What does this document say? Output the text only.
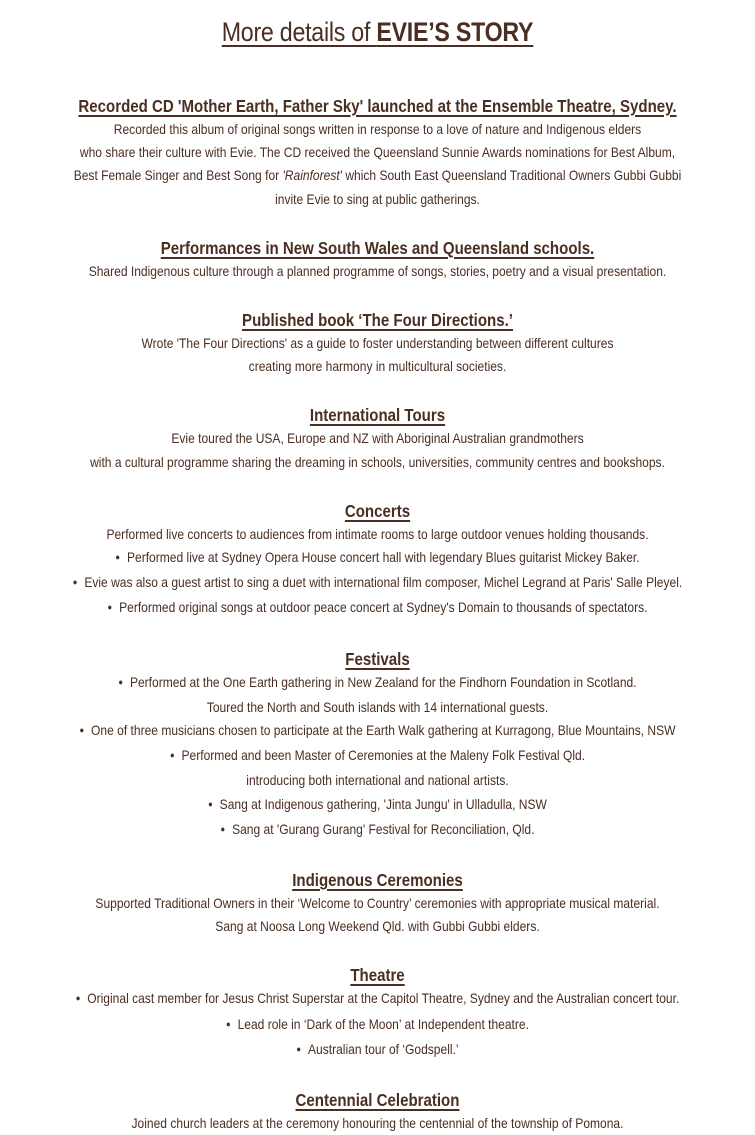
More details of EVIE’S STORY
Recorded CD 'Mother Earth, Father Sky' launched at the Ensemble Theatre, Sydney.
Recorded this album of original songs written in response to a love of nature and Indigenous elders
who share their culture with Evie. The CD received the Queensland Sunnie Awards nominations for Best Album,
Best Female Singer and Best Song for 'Rainforest' which South East Queensland Traditional Owners Gubbi Gubbi
invite Evie to sing at public gatherings.
Performances in New South Wales and Queensland schools.
Shared Indigenous culture through a planned programme of songs, stories, poetry and a visual presentation.
Published book ‘The Four Directions.’
Wrote 'The Four Directions' as a guide to foster understanding between different cultures
creating more harmony in multicultural societies.
International Tours
Evie toured the USA, Europe and NZ with Aboriginal Australian grandmothers
with a cultural programme sharing the dreaming in schools, universities, community centres and bookshops.
Concerts
Performed live concerts to audiences from intimate rooms to large outdoor venues holding thousands.
● Performed live at Sydney Opera House concert hall with legendary Blues guitarist Mickey Baker.
● Evie was also a guest artist to sing a duet with international film composer, Michel Legrand at Paris' Salle Pleyel.
● Performed original songs at outdoor peace concert at Sydney's Domain to thousands of spectators.
Festivals
● Performed at the One Earth gathering in New Zealand for the Findhorn Foundation in Scotland.
Toured the North and South islands with 14 international guests.
● One of three musicians chosen to participate at the Earth Walk gathering at Kurragong, Blue Mountains, NSW
● Performed and been Master of Ceremonies at the Maleny Folk Festival Qld.
introducing both international and national artists.
● Sang at Indigenous gathering, 'Jinta Jungu' in Ulladulla, NSW
● Sang at 'Gurang Gurang' Festival for Reconciliation, Qld.
Indigenous Ceremonies
Supported Traditional Owners in their ‘Welcome to Country’ ceremonies with appropriate musical material.
Sang at Noosa Long Weekend Qld. with Gubbi Gubbi elders.
Theatre
● Original cast member for Jesus Christ Superstar at the Capitol Theatre, Sydney and the Australian concert tour.
● Lead role in ‘Dark of the Moon’ at Independent theatre.
● Australian tour of ‘Godspell.’
Centennial Celebration
Joined church leaders at the ceremony honouring the centennial of the township of Pomona.
